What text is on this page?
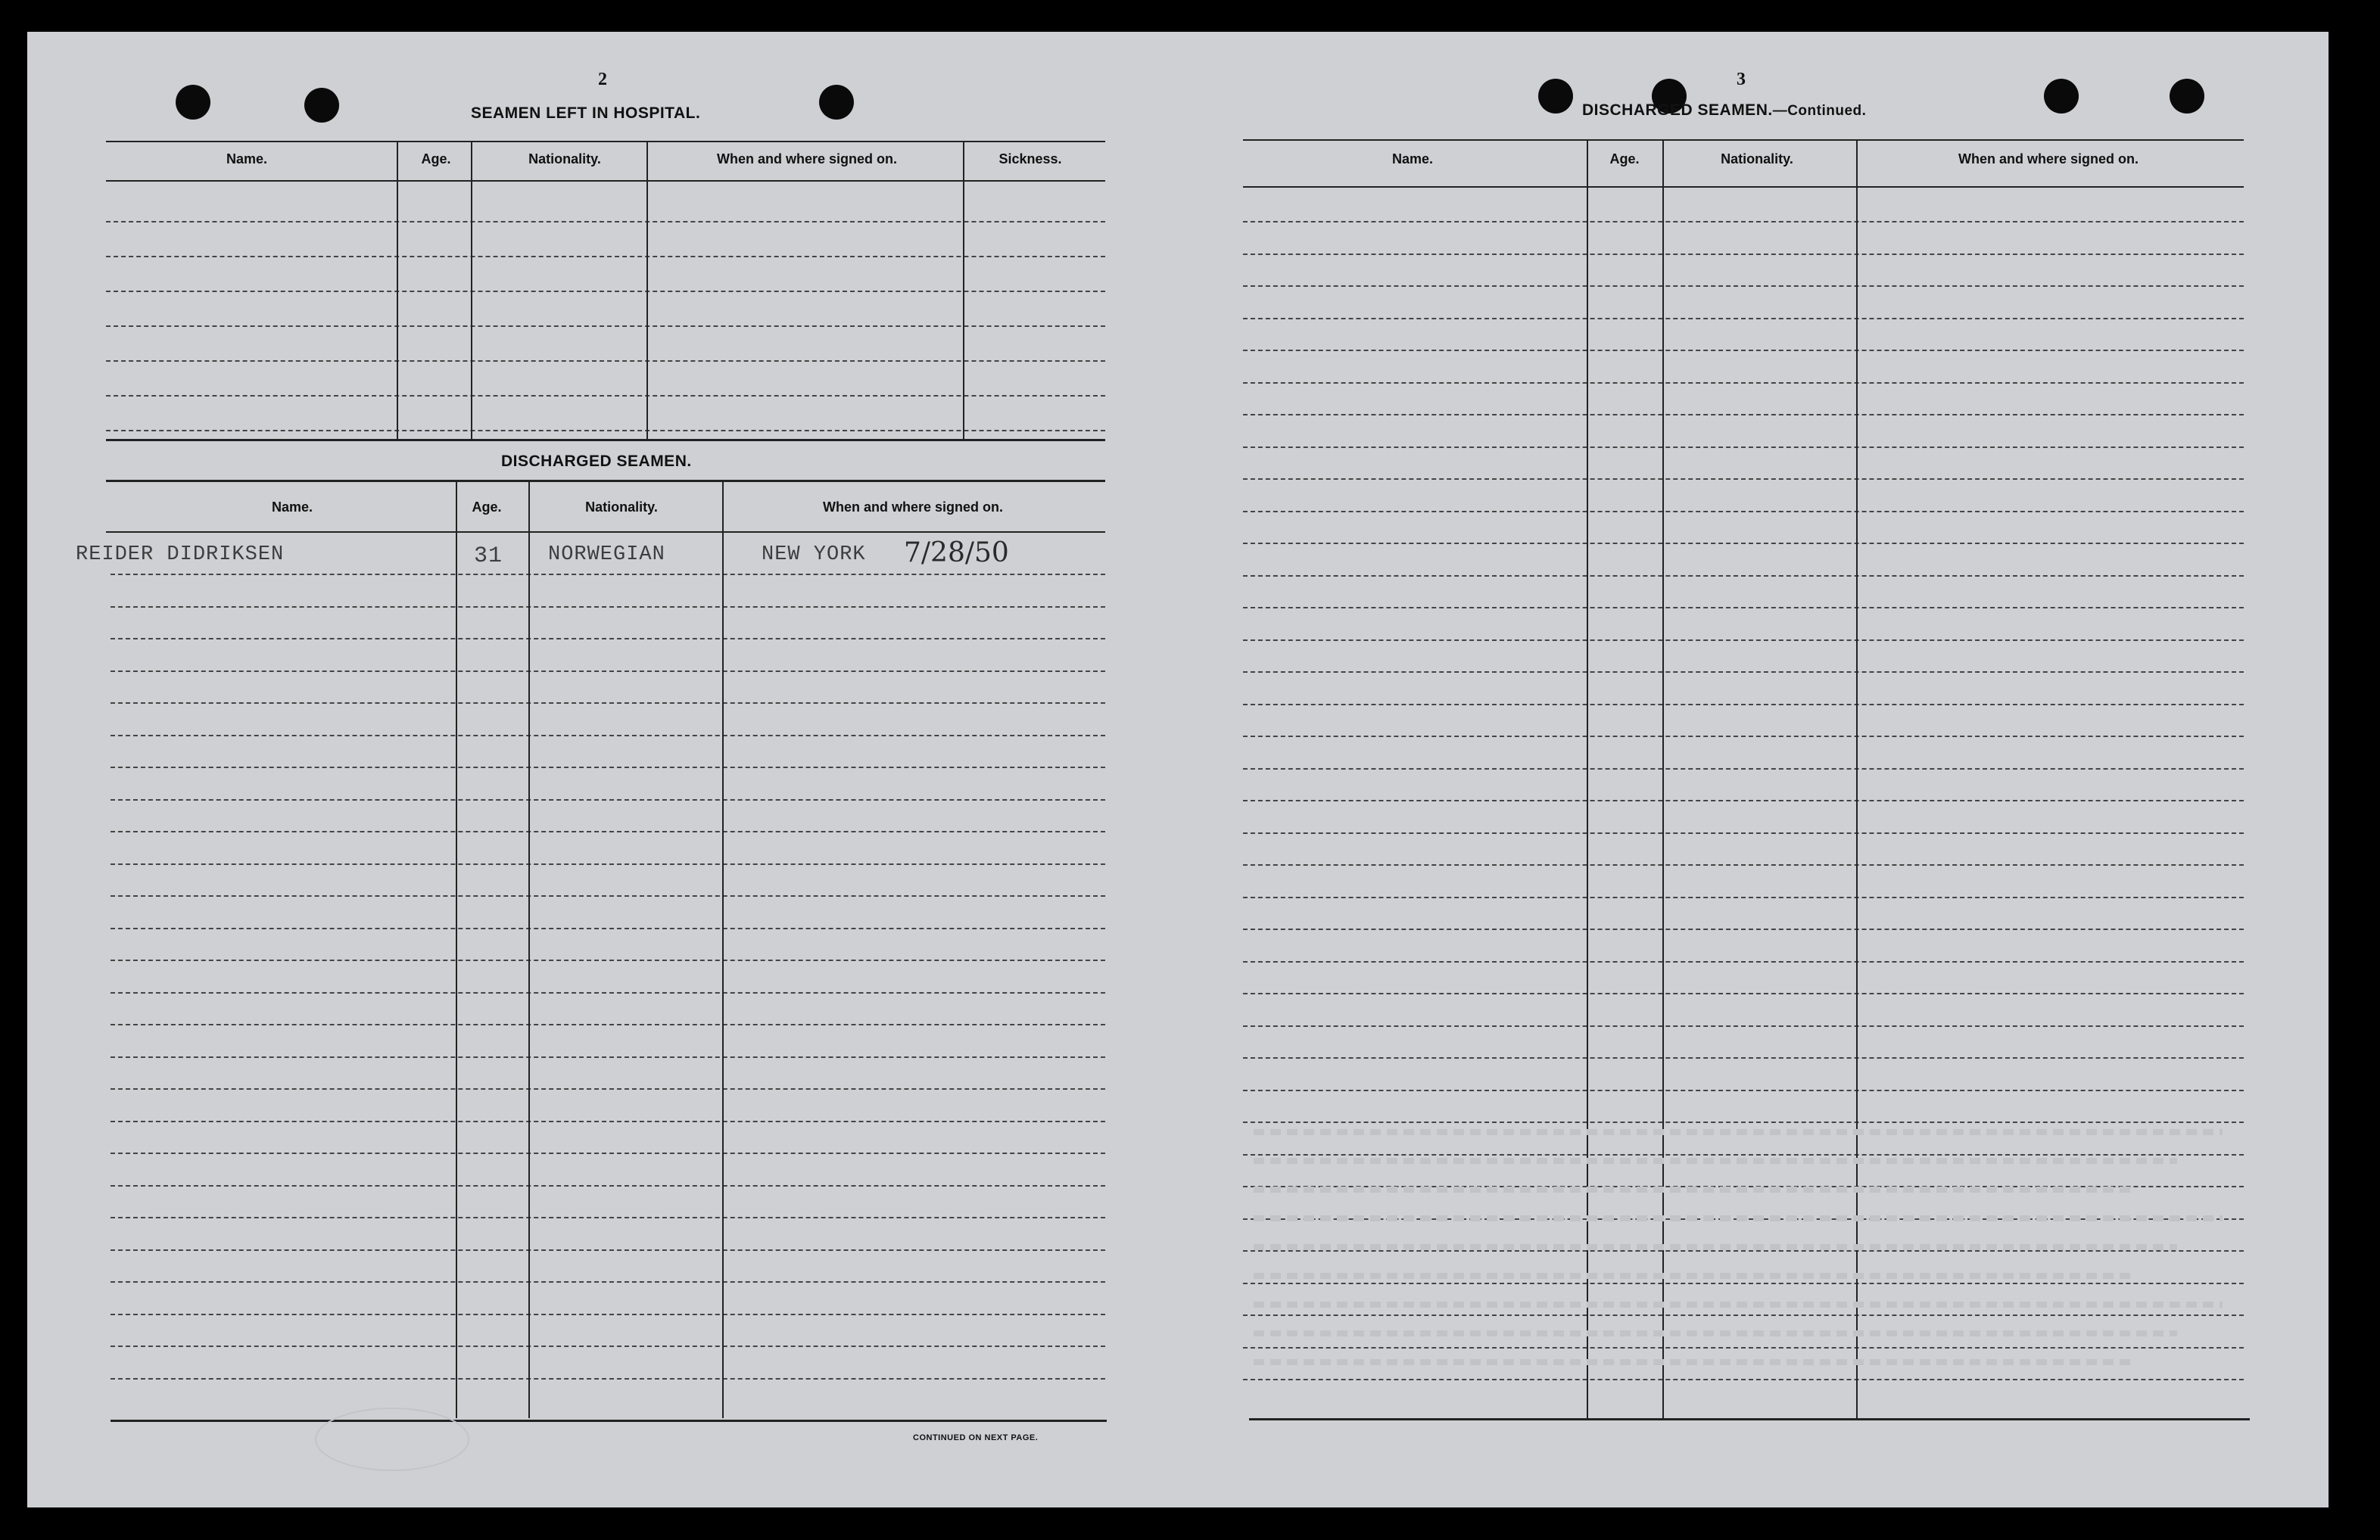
2
SEAMEN LEFT IN HOSPITAL.
Name.	Age.	Nationality.	When and where signed on.	Sickness.
DISCHARGED SEAMEN.
Name.	Age.	Nationality.	When and where signed on.
REIDER DIDRIKSEN	31 NORWEGIAN	NEW YORK 7/28/50
CONTINUED ON NEXT PAGE.
3
DISCHARGED SEAMEN.—Continued.
Name.	Age.	Nationality.	When and where signed on.
